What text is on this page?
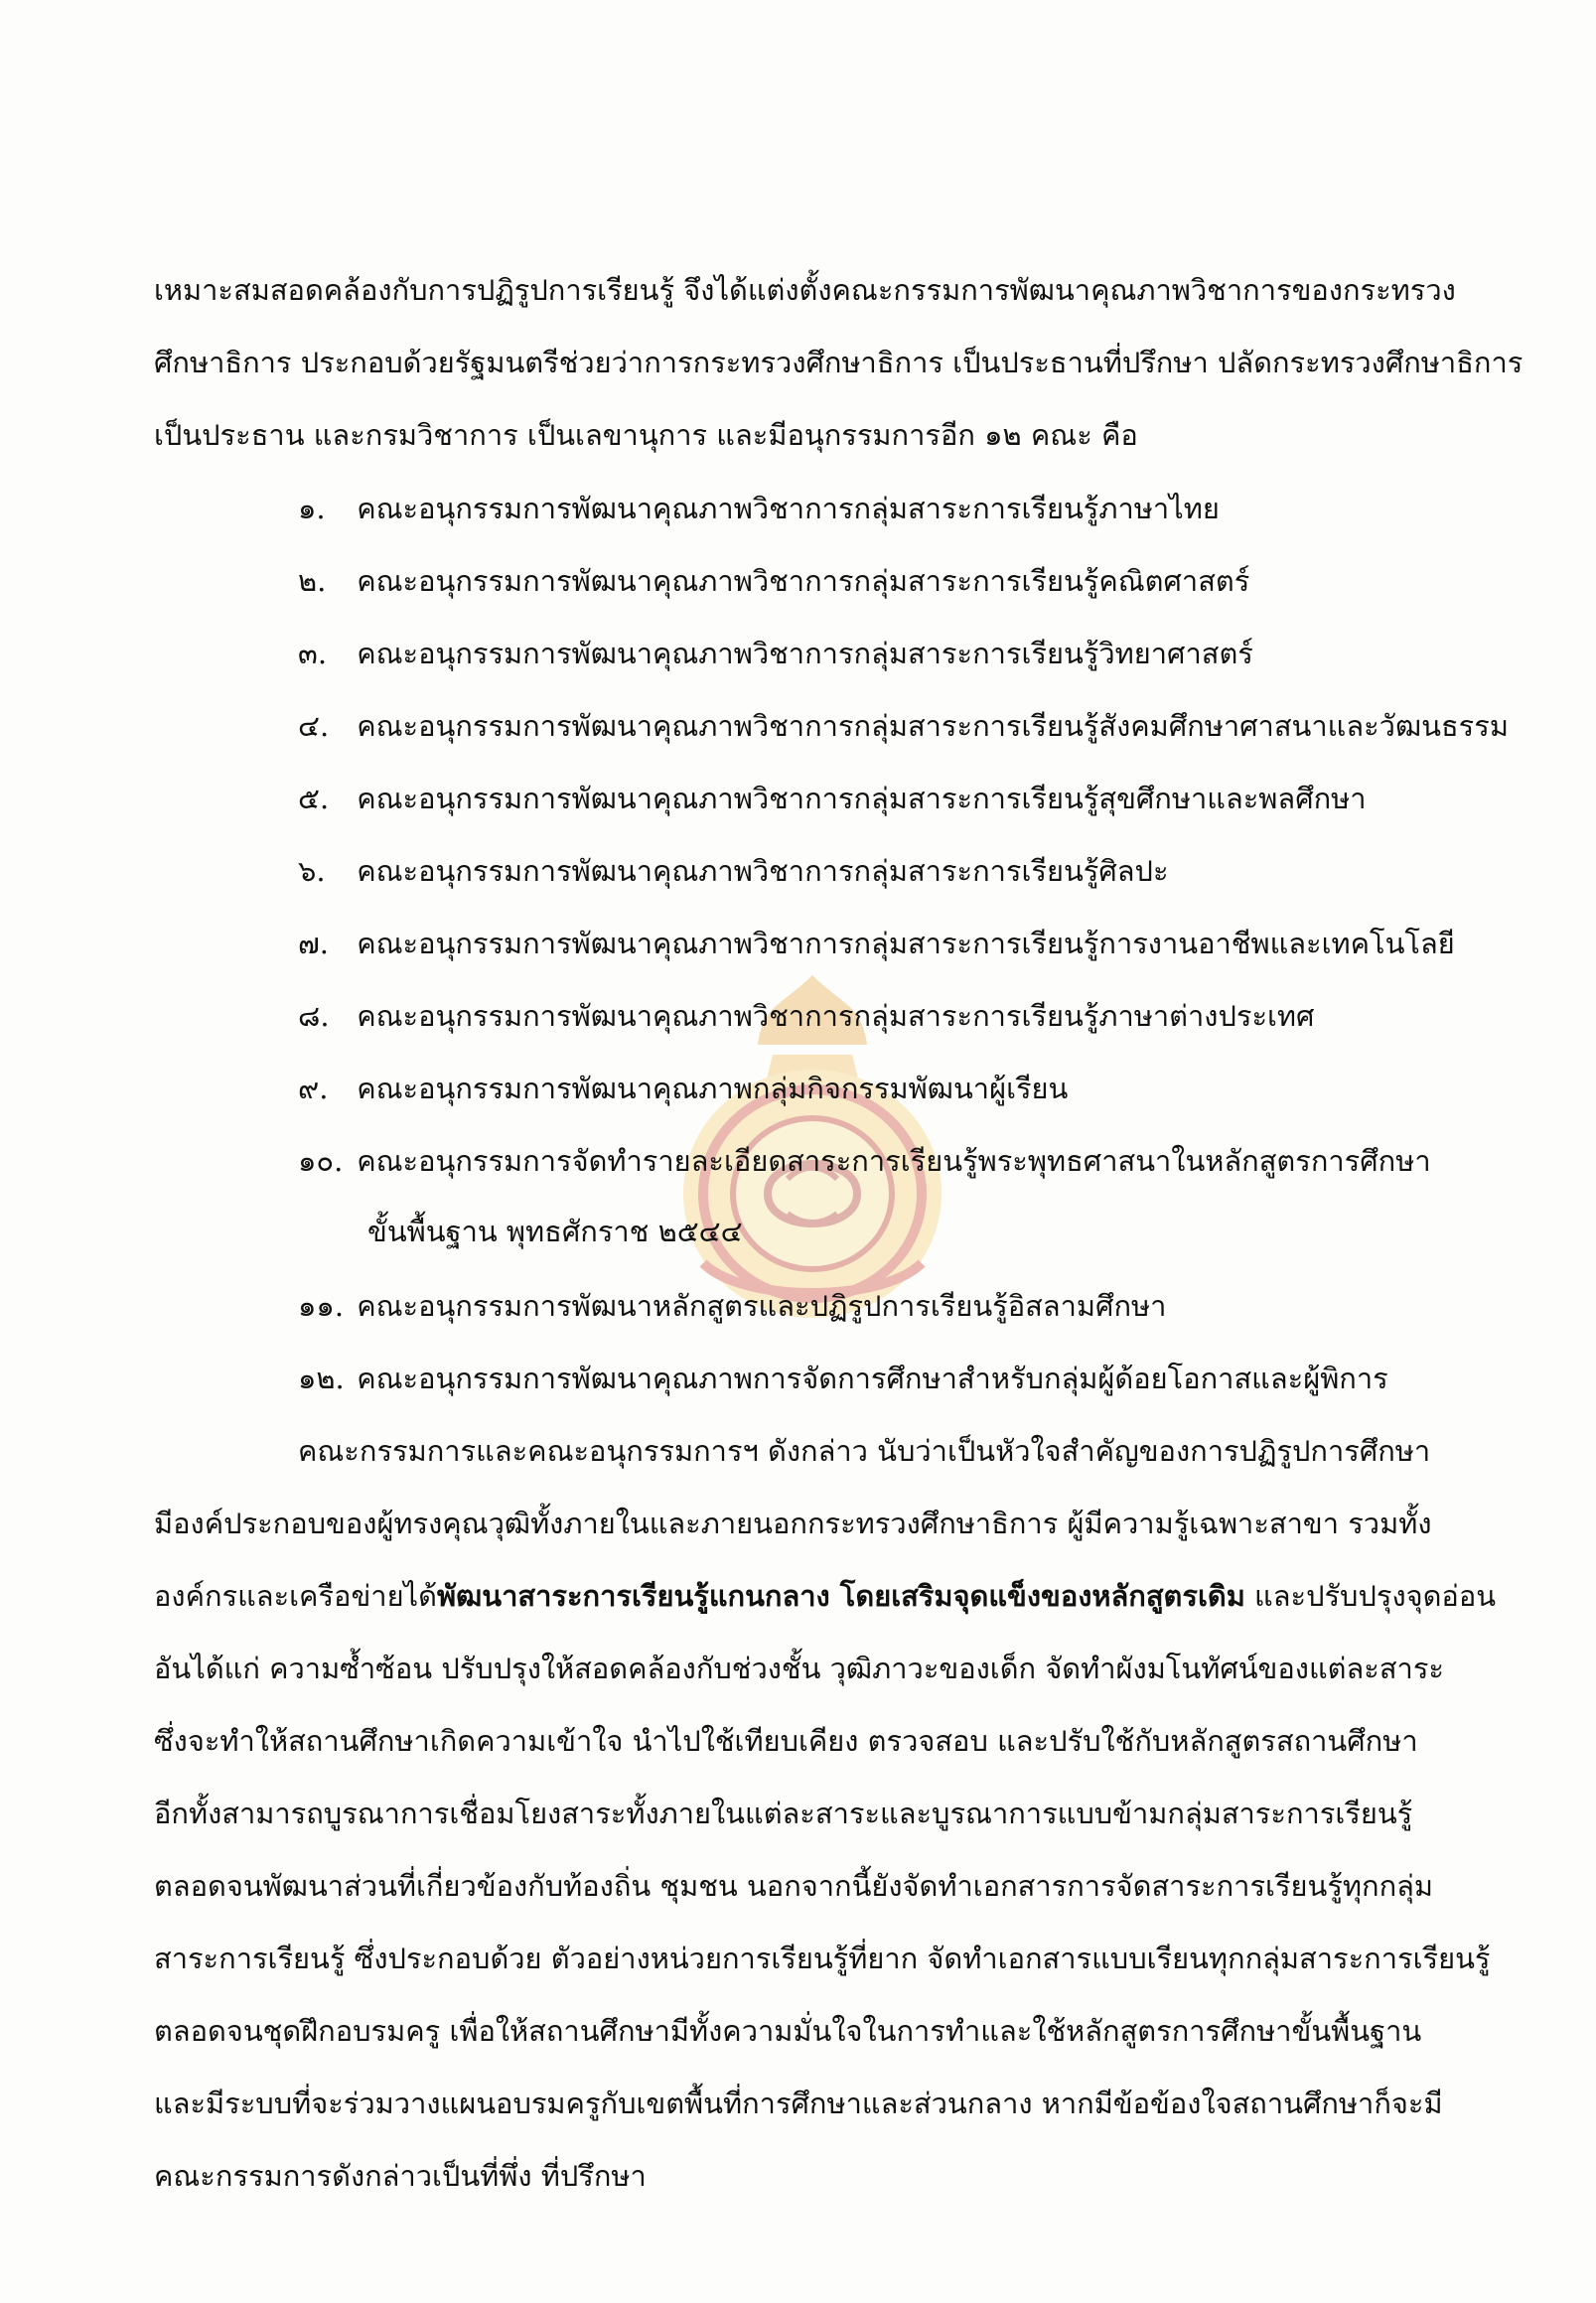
เหมาะสมสอดคล้องกับการปฏิรูปการเรียนรู้ จึงได้แต่งตั้งคณะกรรมการพัฒนาคุณภาพวิชาการของกระทรวง
ศึกษาธิการ ประกอบด้วยรัฐมนตรีช่วยว่าการกระทรวงศึกษาธิการ เป็นประธานที่ปรึกษา ปลัดกระทรวงศึกษาธิการ
เป็นประธาน และกรมวิชาการ เป็นเลขานุการ และมีอนุกรรมการอีก ๑๒ คณะ คือ
๑. คณะอนุกรรมการพัฒนาคุณภาพวิชาการกลุ่มสาระการเรียนรู้ภาษาไทย
๒. คณะอนุกรรมการพัฒนาคุณภาพวิชาการกลุ่มสาระการเรียนรู้คณิตศาสตร์
๓. คณะอนุกรรมการพัฒนาคุณภาพวิชาการกลุ่มสาระการเรียนรู้วิทยาศาสตร์
๔. คณะอนุกรรมการพัฒนาคุณภาพวิชาการกลุ่มสาระการเรียนรู้สังคมศึกษาศาสนาและวัฒนธรรม
๕. คณะอนุกรรมการพัฒนาคุณภาพวิชาการกลุ่มสาระการเรียนรู้สุขศึกษาและพลศึกษา
๖. คณะอนุกรรมการพัฒนาคุณภาพวิชาการกลุ่มสาระการเรียนรู้ศิลปะ
๗. คณะอนุกรรมการพัฒนาคุณภาพวิชาการกลุ่มสาระการเรียนรู้การงานอาชีพและเทคโนโลยี
๘. คณะอนุกรรมการพัฒนาคุณภาพวิชาการกลุ่มสาระการเรียนรู้ภาษาต่างประเทศ
๙. คณะอนุกรรมการพัฒนาคุณภาพกลุ่มกิจกรรมพัฒนาผู้เรียน
๑๐. คณะอนุกรรมการจัดทำรายละเอียดสาระการเรียนรู้พระพุทธศาสนาในหลักสูตรการศึกษา
ขั้นพื้นฐาน พุทธศักราช ๒๕๔๔
๑๑. คณะอนุกรรมการพัฒนาหลักสูตรและปฏิรูปการเรียนรู้อิสลามศึกษา
๑๒. คณะอนุกรรมการพัฒนาคุณภาพการจัดการศึกษาสำหรับกลุ่มผู้ด้อยโอกาสและผู้พิการ
คณะกรรมการและคณะอนุกรรมการฯ ดังกล่าว นับว่าเป็นหัวใจสำคัญของการปฏิรูปการศึกษา
มีองค์ประกอบของผู้ทรงคุณวุฒิทั้งภายในและภายนอกกระทรวงศึกษาธิการ ผู้มีความรู้เฉพาะสาขา รวมทั้ง
องค์กรและเครือข่ายได้พัฒนาสาระการเรียนรู้แกนกลาง โดยเสริมจุดแข็งของหลักสูตรเดิม และปรับปรุงจุดอ่อน
อันได้แก่ ความซ้ำซ้อน ปรับปรุงให้สอดคล้องกับช่วงชั้น วุฒิภาวะของเด็ก จัดทำผังมโนทัศน์ของแต่ละสาระ
ซึ่งจะทำให้สถานศึกษาเกิดความเข้าใจ นำไปใช้เทียบเคียง ตรวจสอบ และปรับใช้กับหลักสูตรสถานศึกษา
อีกทั้งสามารถบูรณาการเชื่อมโยงสาระทั้งภายในแต่ละสาระและบูรณาการแบบข้ามกลุ่มสาระการเรียนรู้
ตลอดจนพัฒนาส่วนที่เกี่ยวข้องกับท้องถิ่น ชุมชน นอกจากนี้ยังจัดทำเอกสารการจัดสาระการเรียนรู้ทุกกลุ่ม
สาระการเรียนรู้ ซึ่งประกอบด้วย ตัวอย่างหน่วยการเรียนรู้ที่ยาก จัดทำเอกสารแบบเรียนทุกกลุ่มสาระการเรียนรู้
ตลอดจนชุดฝึกอบรมครู เพื่อให้สถานศึกษามีทั้งความมั่นใจในการทำและใช้หลักสูตรการศึกษาขั้นพื้นฐาน
และมีระบบที่จะร่วมวางแผนอบรมครูกับเขตพื้นที่การศึกษาและส่วนกลาง หากมีข้อข้องใจสถานศึกษาก็จะมี
คณะกรรมการดังกล่าวเป็นที่พึ่ง ที่ปรึกษา
